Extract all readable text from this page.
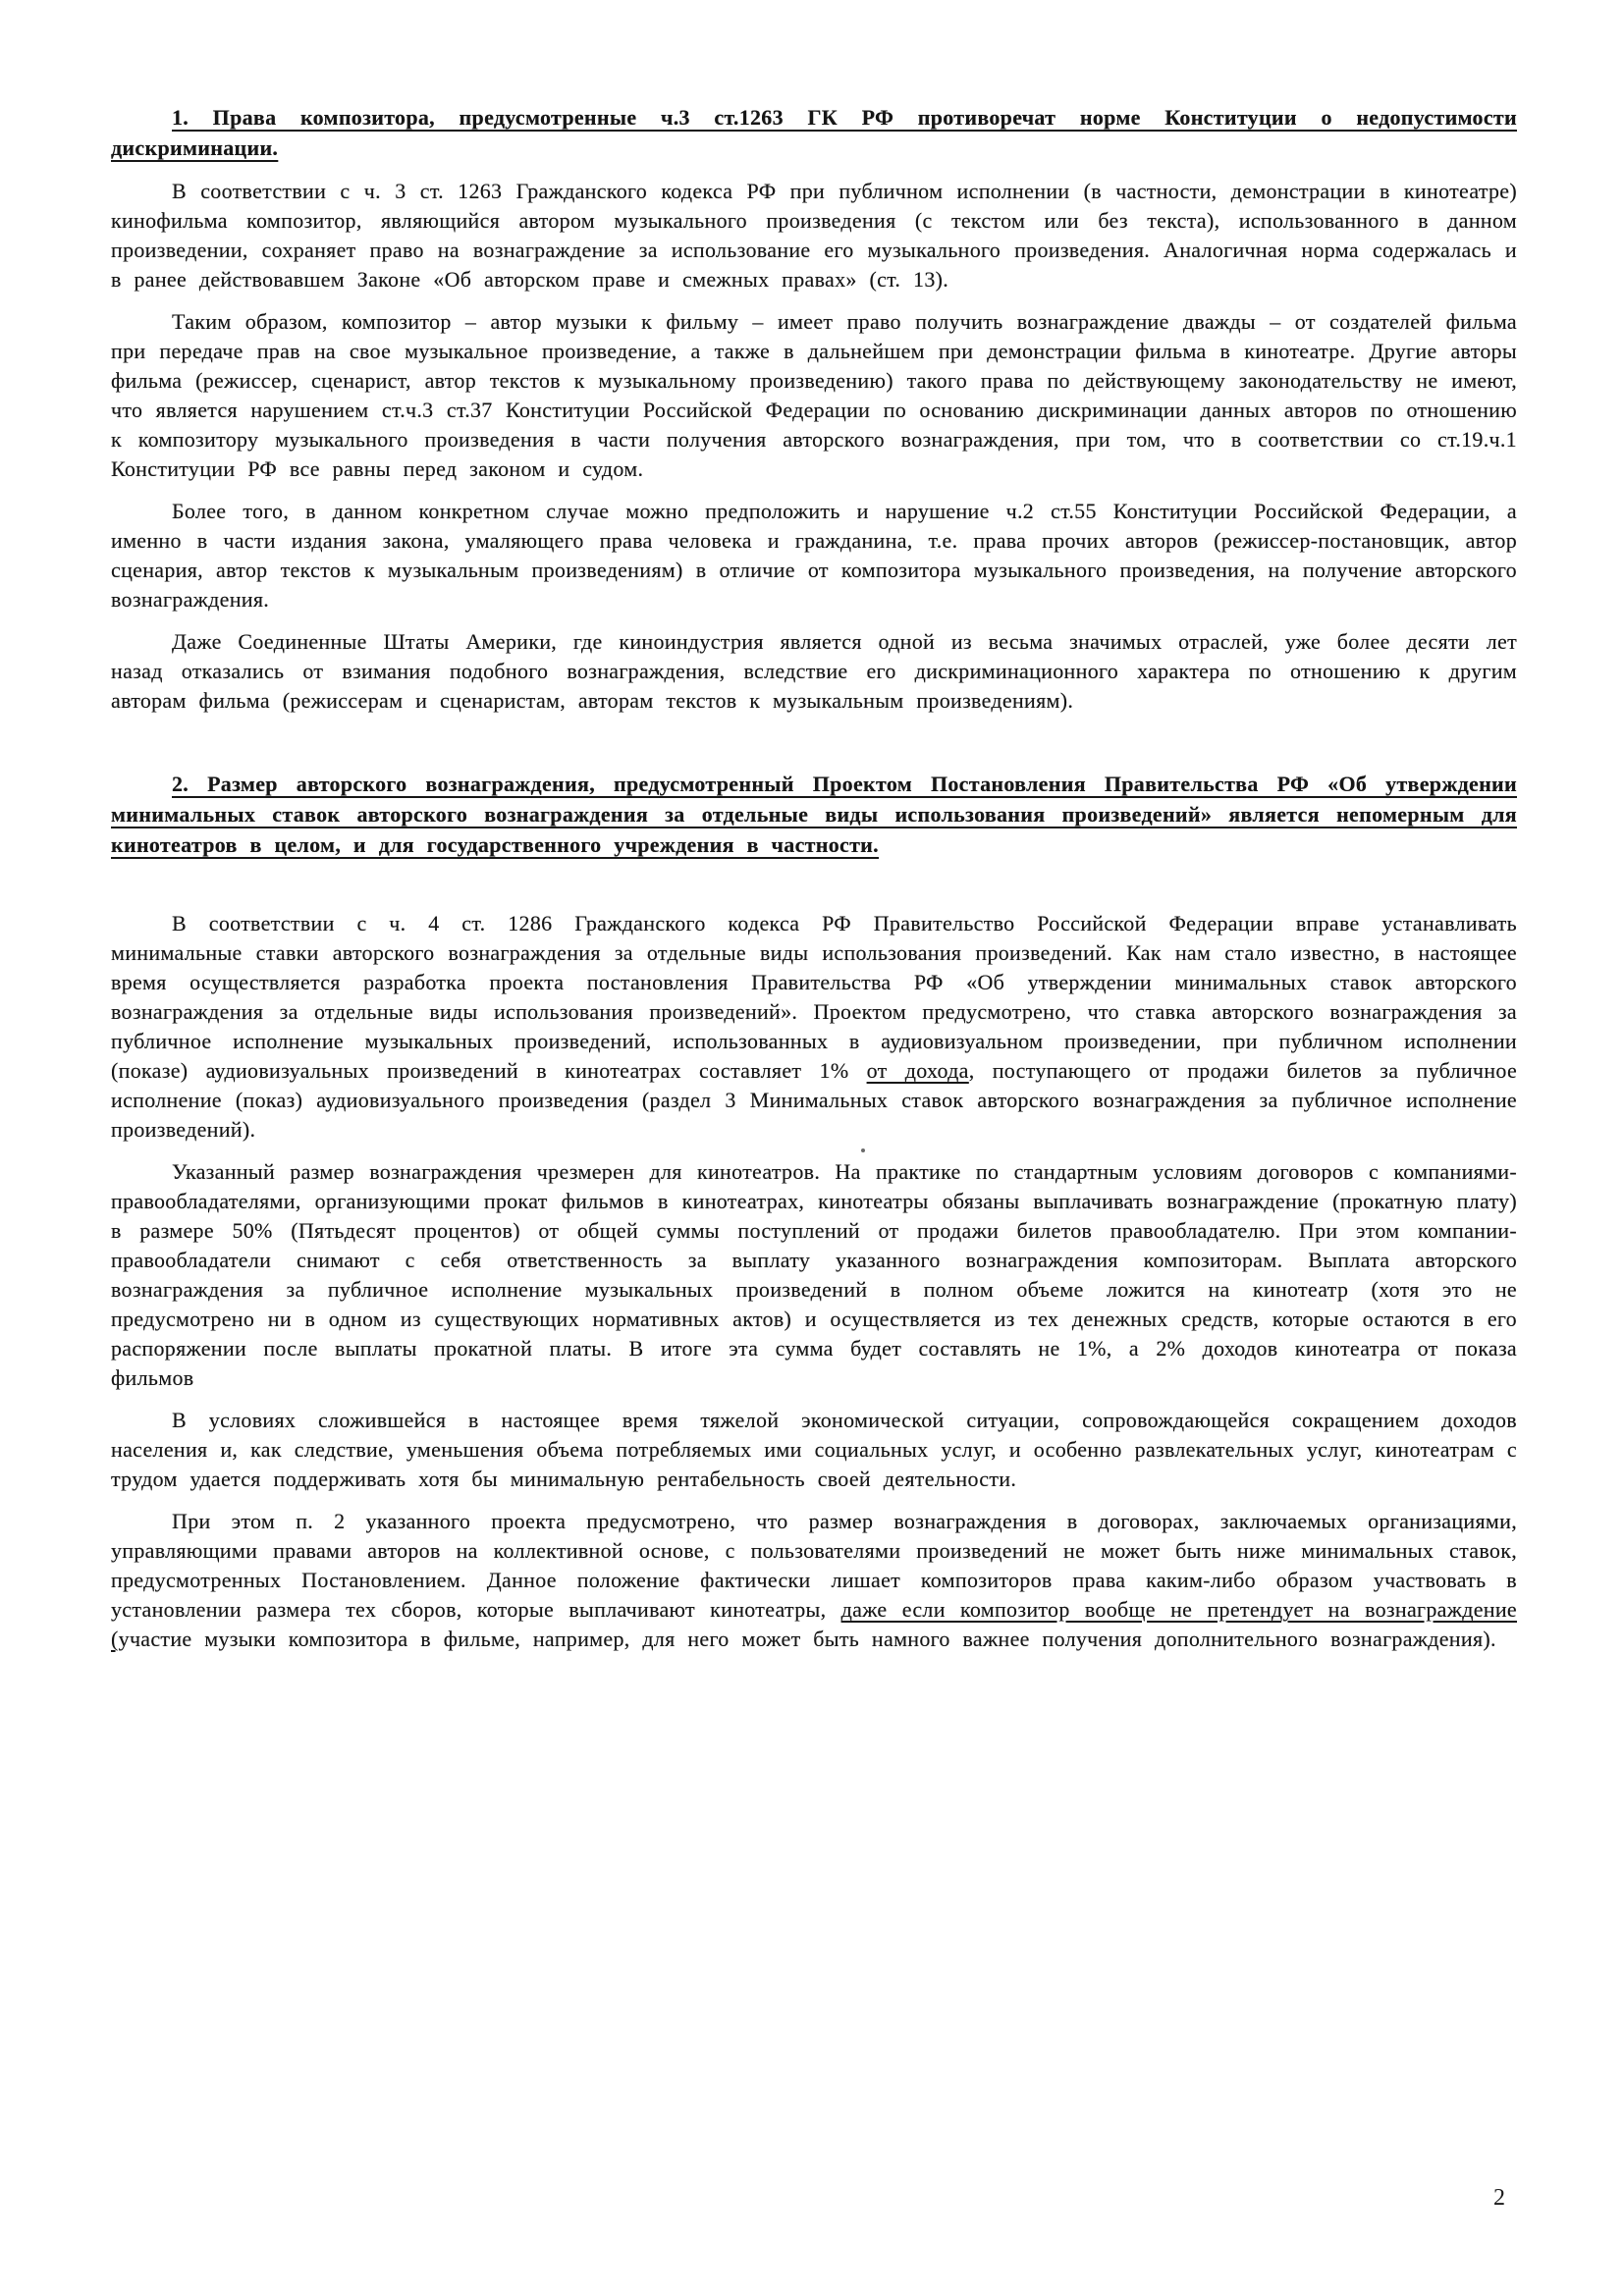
1. Права композитора, предусмотренные ч.3 ст.1263 ГК РФ противоречат норме Конституции о недопустимости дискриминации.

В соответствии с ч. 3 ст. 1263 Гражданского кодекса РФ при публичном исполнении (в частности, демонстрации в кинотеатре) кинофильма композитор, являющийся автором музыкального произведения (с текстом или без текста), использованного в данном произведении, сохраняет право на вознаграждение за использование его музыкального произведения. Аналогичная норма содержалась и в ранее действовавшем Законе «Об авторском праве и смежных правах» (ст. 13).

Таким образом, композитор – автор музыки к фильму – имеет право получить вознаграждение дважды – от создателей фильма при передаче прав на свое музыкальное произведение, а также в дальнейшем при демонстрации фильма в кинотеатре. Другие авторы фильма (режиссер, сценарист, автор текстов к музыкальному произведению) такого права по действующему законодательству не имеют, что является нарушением ст.ч.3 ст.37 Конституции Российской Федерации по основанию дискриминации данных авторов по отношению к композитору музыкального произведения в части получения авторского вознаграждения, при том, что в соответствии со ст.19.ч.1 Конституции РФ все равны перед законом и судом.

Более того, в данном конкретном случае можно предположить и нарушение ч.2 ст.55 Конституции Российской Федерации, а именно в части издания закона, умаляющего права человека и гражданина, т.е. права прочих авторов (режиссер-постановщик, автор сценария, автор текстов к музыкальным произведениям) в отличие от композитора музыкального произведения, на получение авторского вознаграждения.

Даже Соединенные Штаты Америки, где киноиндустрия является одной из весьма значимых отраслей, уже более десяти лет назад отказались от взимания подобного вознаграждения, вследствие его дискриминационного характера по отношению к другим авторам фильма (режиссерам и сценаристам, авторам текстов к музыкальным произведениям).

2. Размер авторского вознаграждения, предусмотренный Проектом Постановления Правительства РФ «Об утверждении минимальных ставок авторского вознаграждения за отдельные виды использования произведений» является непомерным для кинотеатров в целом, и для государственного учреждения в частности.

В соответствии с ч. 4 ст. 1286 Гражданского кодекса РФ Правительство Российской Федерации вправе устанавливать минимальные ставки авторского вознаграждения за отдельные виды использования произведений. Как нам стало известно, в настоящее время осуществляется разработка проекта постановления Правительства РФ «Об утверждении минимальных ставок авторского вознаграждения за отдельные виды использования произведений». Проектом предусмотрено, что ставка авторского вознаграждения за публичное исполнение музыкальных произведений, использованных в аудиовизуальном произведении, при публичном исполнении (показе) аудиовизуальных произведений в кинотеатрах составляет 1% от дохода, поступающего от продажи билетов за публичное исполнение (показ) аудиовизуального произведения (раздел 3 Минимальных ставок авторского вознаграждения за публичное исполнение произведений).

Указанный размер вознаграждения чрезмерен для кинотеатров. На практике по стандартным условиям договоров с компаниями-правообладателями, организующими прокат фильмов в кинотеатрах, кинотеатры обязаны выплачивать вознаграждение (прокатную плату) в размере 50% (Пятьдесят процентов) от общей суммы поступлений от продажи билетов правообладателю. При этом компании-правообладатели снимают с себя ответственность за выплату указанного вознаграждения композиторам. Выплата авторского вознаграждения за публичное исполнение музыкальных произведений в полном объеме ложится на кинотеатр (хотя это не предусмотрено ни в одном из существующих нормативных актов) и осуществляется из тех денежных средств, которые остаются в его распоряжении после выплаты прокатной платы. В итоге эта сумма будет составлять не 1%, а 2% доходов кинотеатра от показа фильмов

В условиях сложившейся в настоящее время тяжелой экономической ситуации, сопровождающейся сокращением доходов населения и, как следствие, уменьшения объема потребляемых ими социальных услуг, и особенно развлекательных услуг, кинотеатрам с трудом удается поддерживать хотя бы минимальную рентабельность своей деятельности.

При этом п. 2 указанного проекта предусмотрено, что размер вознаграждения в договорах, заключаемых организациями, управляющими правами авторов на коллективной основе, с пользователями произведений не может быть ниже минимальных ставок, предусмотренных Постановлением. Данное положение фактически лишает композиторов права каким-либо образом участвовать в установлении размера тех сборов, которые выплачивают кинотеатры, даже если композитор вообще не претендует на вознаграждение (участие музыки композитора в фильме, например, для него может быть намного важнее получения дополнительного вознаграждения).

2
